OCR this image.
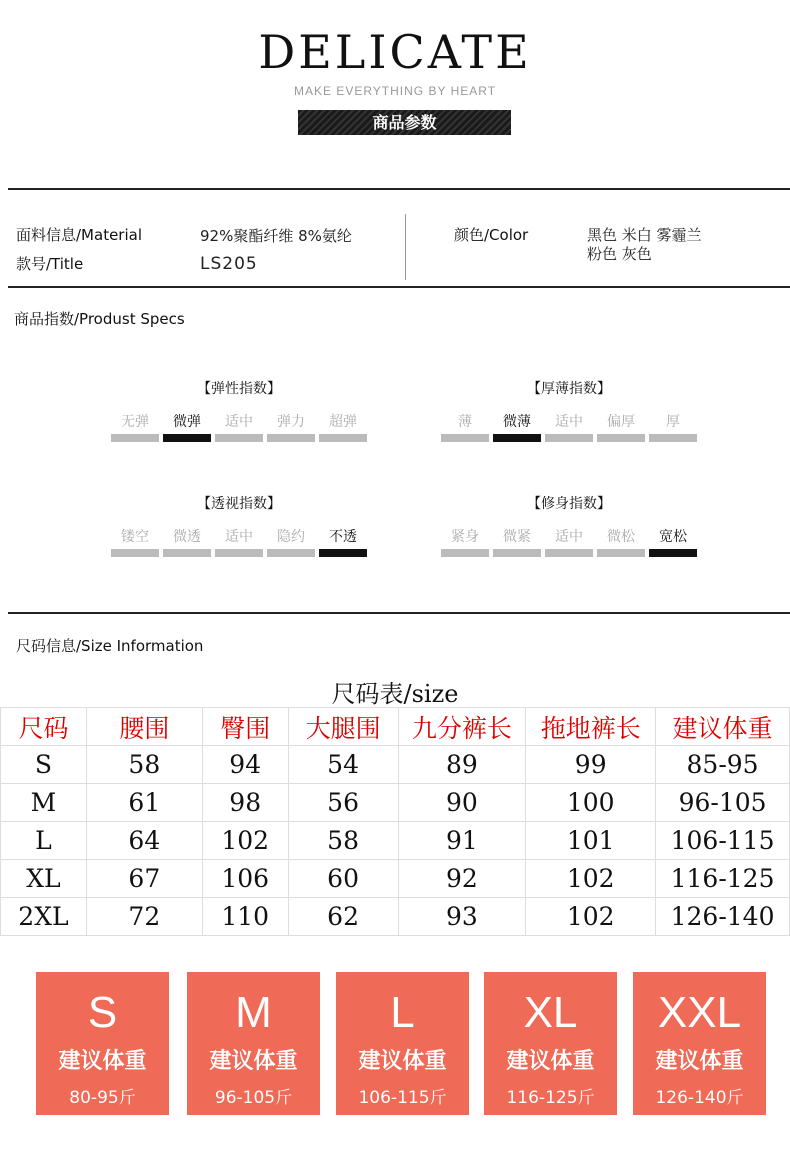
DELICATE
MAKE EVERYTHING BY HEART
商品参数
面料信息/Material	92%聚酯纤维 8%氨纶
款号/Title	LS205
颜色/Color	黑色 米白 雾霾兰
粉色 灰色
商品指数/Produst Specs
【弹性指数】
无弹	微弹	适中	弹力	超弹
【厚薄指数】
薄	微薄	适中	偏厚	厚
【透视指数】
镂空	微透	适中	隐约	不透
【修身指数】
紧身	微紧	适中	微松	宽松
尺码信息/Size Information
尺码表/size
尺码	腰围	臀围	大腿围	九分裤长	拖地裤长	建议体重
S	58	94	54	89	99	85-95
M	61	98	56	90	100	96-105
L	64	102	58	91	101	106-115
XL	67	106	60	92	102	116-125
2XL	72	110	62	93	102	126-140
S
建议体重
80-95斤
M
建议体重
96-105斤
L
建议体重
106-115斤
XL
建议体重
116-125斤
XXL
建议体重
126-140斤
